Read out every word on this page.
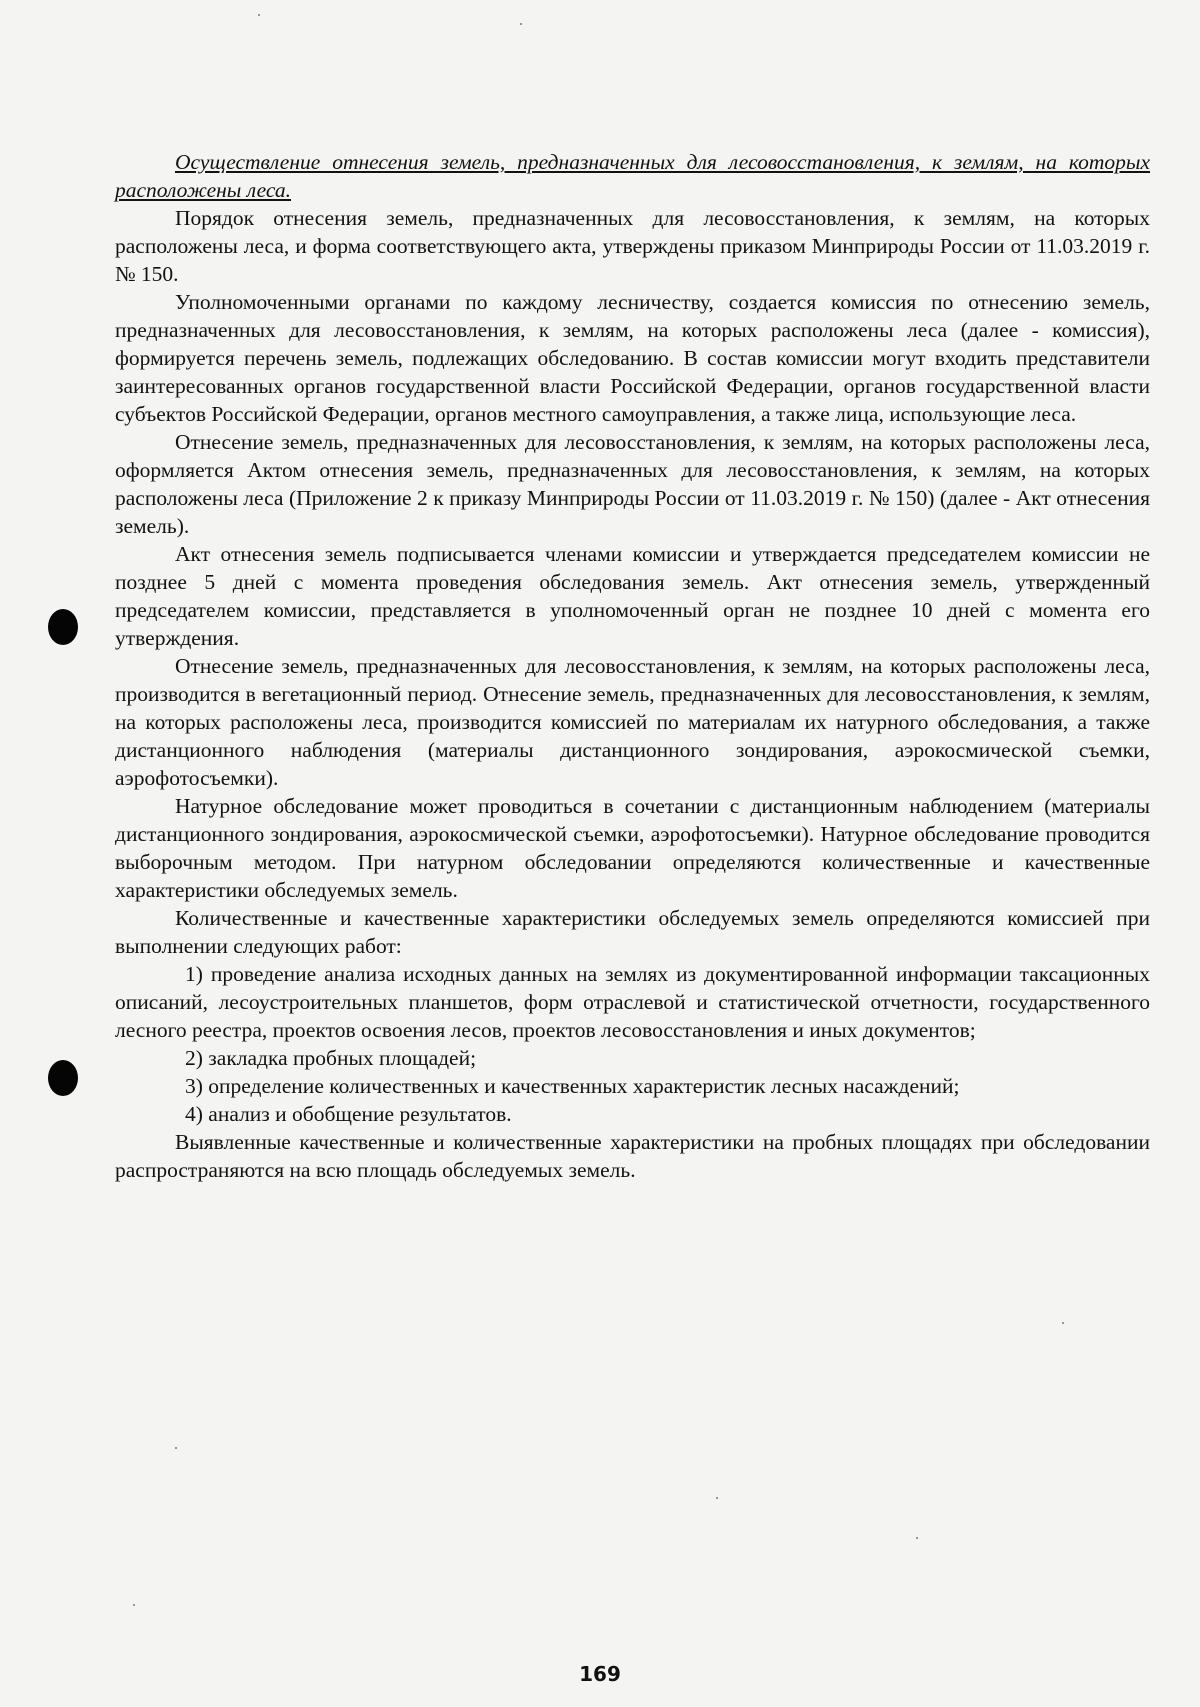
Осуществление отнесения земель, предназначенных для лесовосстановления, к землям, на которых расположены леса.

Порядок отнесения земель, предназначенных для лесовосстановления, к землям, на которых расположены леса, и форма соответствующего акта, утверждены приказом Минприроды России от 11.03.2019 г. № 150.

Уполномоченными органами по каждому лесничеству, создается комиссия по отнесению земель, предназначенных для лесовосстановления, к землям, на которых расположены леса (далее - комиссия), формируется перечень земель, подлежащих обследованию. В состав комиссии могут входить представители заинтересованных органов государственной власти Российской Федерации, органов государственной власти субъектов Российской Федерации, органов местного самоуправления, а также лица, использующие леса.

Отнесение земель, предназначенных для лесовосстановления, к землям, на которых расположены леса, оформляется Актом отнесения земель, предназначенных для лесовосстановления, к землям, на которых расположены леса (Приложение 2 к приказу Минприроды России от 11.03.2019 г. № 150) (далее - Акт отнесения земель).

Акт отнесения земель подписывается членами комиссии и утверждается председателем комиссии не позднее 5 дней с момента проведения обследования земель. Акт отнесения земель, утвержденный председателем комиссии, представляется в уполномоченный орган не позднее 10 дней с момента его утверждения.

Отнесение земель, предназначенных для лесовосстановления, к землям, на которых расположены леса, производится в вегетационный период. Отнесение земель, предназначенных для лесовосстановления, к землям, на которых расположены леса, производится комиссией по материалам их натурного обследования, а также дистанционного наблюдения (материалы дистанционного зондирования, аэрокосмической съемки, аэрофотосъемки).

Натурное обследование может проводиться в сочетании с дистанционным наблюдением (материалы дистанционного зондирования, аэрокосмической съемки, аэрофотосъемки). Натурное обследование проводится выборочным методом. При натурном обследовании определяются количественные и качественные характеристики обследуемых земель.

Количественные и качественные характеристики обследуемых земель определяются комиссией при выполнении следующих работ:

1) проведение анализа исходных данных на землях из документированной информации таксационных описаний, лесоустроительных планшетов, форм отраслевой и статистической отчетности, государственного лесного реестра, проектов освоения лесов, проектов лесовосстановления и иных документов;

2) закладка пробных площадей;

3) определение количественных и качественных характеристик лесных насаждений;

4) анализ и обобщение результатов.

Выявленные качественные и количественные характеристики на пробных площадях при обследовании распространяются на всю площадь обследуемых земель.

169
